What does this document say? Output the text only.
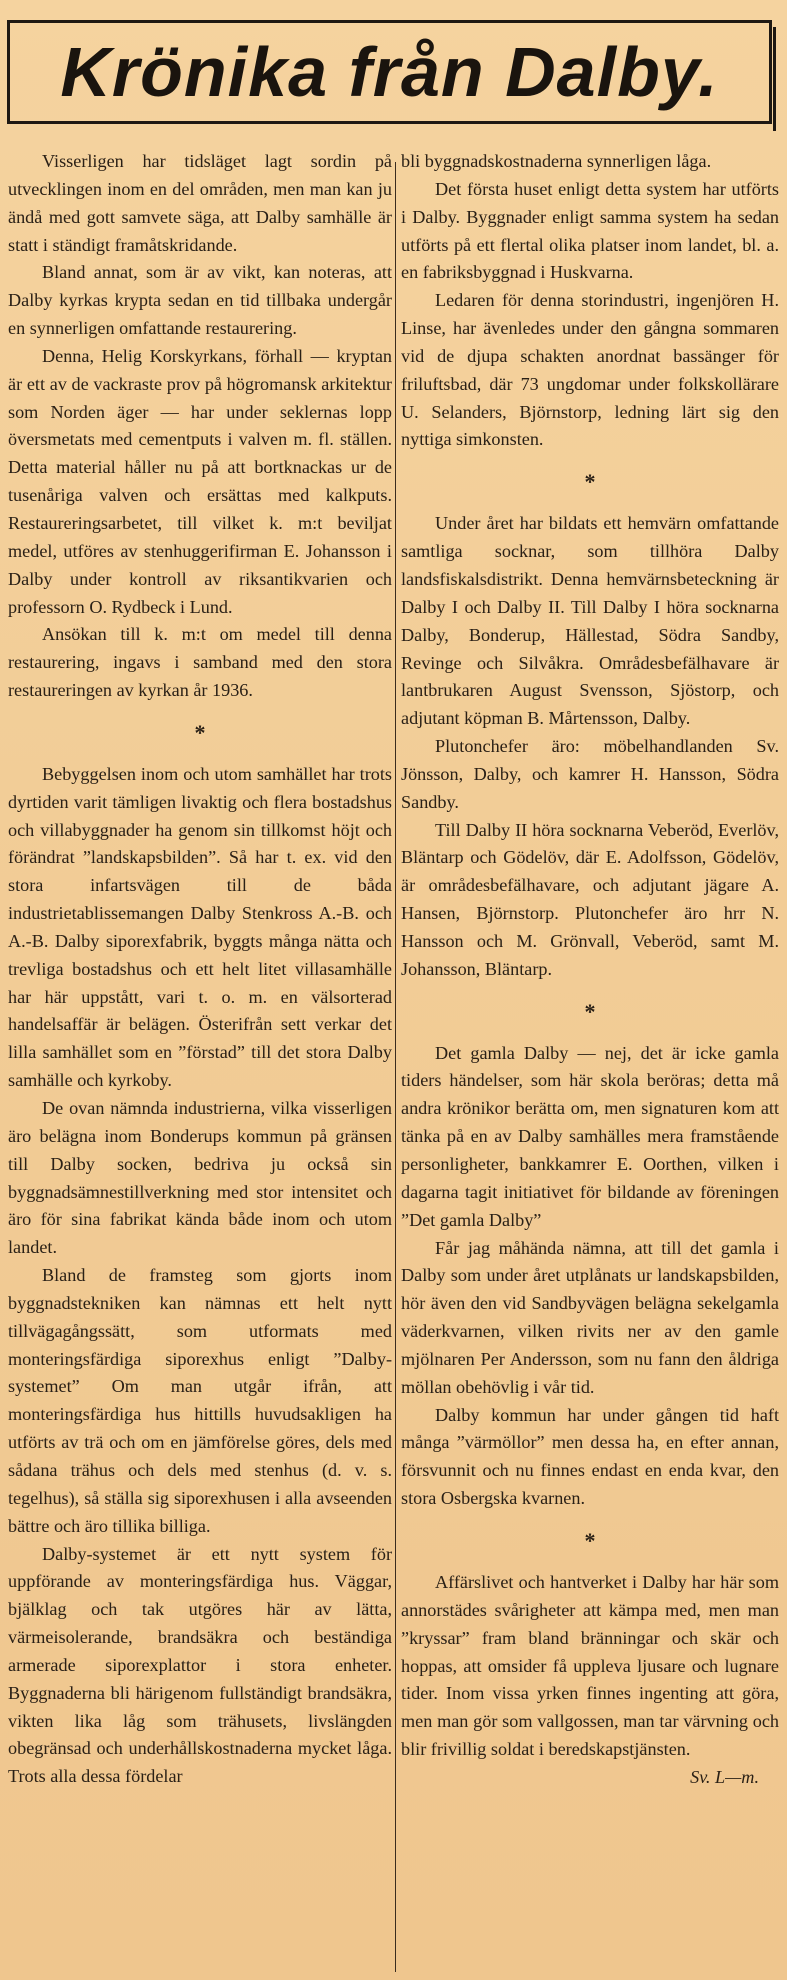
Krönika från Dalby.

Visserligen har tidsläget lagt sordin på utvecklingen inom en del områden, men man kan ju ändå med gott samvete säga, att Dalby samhälle är statt i ständigt framåtskridande.

Bland annat, som är av vikt, kan noteras, att Dalby kyrkas krypta sedan en tid tillbaka undergår en synnerligen omfattande restaurering.

Denna, Helig Korskyrkans, förhall — kryptan är ett av de vackraste prov på högromansk arkitektur som Norden äger — har under seklernas lopp översmetats med cementputs i valven m. fl. ställen. Detta material håller nu på att bortknackas ur de tusenåriga valven och ersättas med kalkputs. Restaureringsarbetet, till vilket k. m:t beviljat medel, utföres av stenhuggerifirman E. Johansson i Dalby under kontroll av riksantikvarien och professorn O. Rydbeck i Lund.

Ansökan till k. m:t om medel till denna restaurering, ingavs i samband med den stora restaureringen av kyrkan år 1936.

*

Bebyggelsen inom och utom samhället har trots dyrtiden varit tämligen livaktig och flera bostadshus och villabyggnader ha genom sin tillkomst höjt och förändrat ”landskapsbilden”. Så har t. ex. vid den stora infartsvägen till de båda industrietablissemangen Dalby Stenkross A.-B. och A.-B. Dalby siporexfabrik, byggts många nätta och trevliga bostadshus och ett helt litet villasamhälle har här uppstått, vari t. o. m. en välsorterad handelsaffär är belägen. Österifrån sett verkar det lilla samhället som en ”förstad” till det stora Dalby samhälle och kyrkoby.

De ovan nämnda industrierna, vilka visserligen äro belägna inom Bonderups kommun på gränsen till Dalby socken, bedriva ju också sin byggnadsämnestillverkning med stor intensitet och äro för sina fabrikat kända både inom och utom landet.

Bland de framsteg som gjorts inom byggnadstekniken kan nämnas ett helt nytt tillvägagångssätt, som utformats med monteringsfärdiga siporexhus enligt ”Dalby-systemet” Om man utgår ifrån, att monteringsfärdiga hus hittills huvudsakligen ha utförts av trä och om en jämförelse göres, dels med sådana trähus och dels med stenhus (d. v. s. tegelhus), så ställa sig siporexhusen i alla avseenden bättre och äro tillika billiga.

Dalby-systemet är ett nytt system för uppförande av monteringsfärdiga hus. Väggar, bjälklag och tak utgöres här av lätta, värmeisolerande, brandsäkra och beständiga armerade siporexplattor i stora enheter. Byggnaderna bli härigenom fullständigt brandsäkra, vikten lika låg som trähusets, livslängden obegränsad och underhållskostnaderna mycket låga. Trots alla dessa fördelar

bli byggnadskostnaderna synnerligen låga.

Det första huset enligt detta system har utförts i Dalby. Byggnader enligt samma system ha sedan utförts på ett flertal olika platser inom landet, bl. a. en fabriksbyggnad i Huskvarna.

Ledaren för denna storindustri, ingenjören H. Linse, har ävenledes under den gångna sommaren vid de djupa schakten anordnat bassänger för friluftsbad, där 73 ungdomar under folkskollärare U. Selanders, Björnstorp, ledning lärt sig den nyttiga simkonsten.

*

Under året har bildats ett hemvärn omfattande samtliga socknar, som tillhöra Dalby landsfiskalsdistrikt. Denna hemvärnsbeteckning är Dalby I och Dalby II. Till Dalby I höra socknarna Dalby, Bonderup, Hällestad, Södra Sandby, Revinge och Silvåkra. Områdesbefälhavare är lantbrukaren August Svensson, Sjöstorp, och adjutant köpman B. Mårtensson, Dalby.

Plutonchefer äro: möbelhandlanden Sv. Jönsson, Dalby, och kamrer H. Hansson, Södra Sandby.

Till Dalby II höra socknarna Veberöd, Everlöv, Bläntarp och Gödelöv, där E. Adolfsson, Gödelöv, är områdesbefälhavare, och adjutant jägare A. Hansen, Björnstorp. Plutonchefer äro hrr N. Hansson och M. Grönvall, Veberöd, samt M. Johansson, Bläntarp.

*

Det gamla Dalby — nej, det är icke gamla tiders händelser, som här skola beröras; detta må andra krönikor berätta om, men signaturen kom att tänka på en av Dalby samhälles mera framstående personligheter, bankkamrer E. Oorthen, vilken i dagarna tagit initiativet för bildande av föreningen ”Det gamla Dalby”

Får jag måhända nämna, att till det gamla i Dalby som under året utplånats ur landskapsbilden, hör även den vid Sandbyvägen belägna sekelgamla väderkvarnen, vilken rivits ner av den gamle mjölnaren Per Andersson, som nu fann den åldriga möllan obehövlig i vår tid.

Dalby kommun har under gången tid haft många ”värmöllor” men dessa ha, en efter annan, försvunnit och nu finnes endast en enda kvar, den stora Osbergska kvarnen.

*

Affärslivet och hantverket i Dalby har här som annorstädes svårigheter att kämpa med, men man ”kryssar” fram bland bränningar och skär och hoppas, att omsider få uppleva ljusare och lugnare tider. Inom vissa yrken finnes ingenting att göra, men man gör som vallgossen, man tar värvning och blir frivillig soldat i beredskapstjänsten.

Sv. L—m.
